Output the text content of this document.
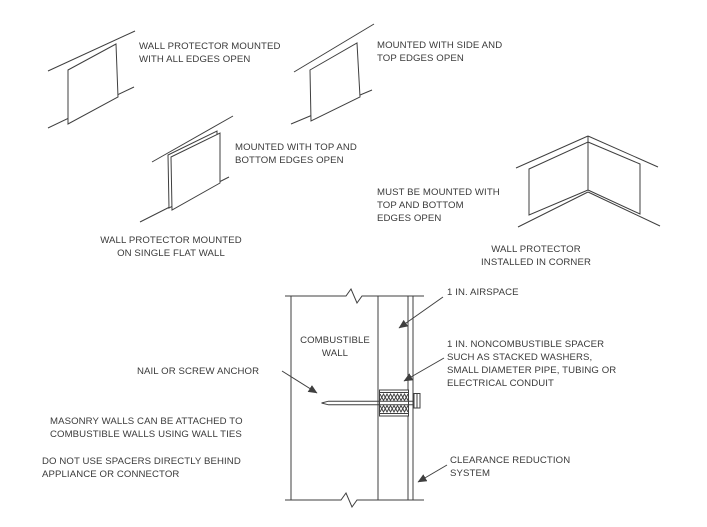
WALL PROTECTOR MOUNTED
WITH ALL EDGES OPEN
MOUNTED WITH SIDE AND
TOP EDGES OPEN
MOUNTED WITH TOP AND
BOTTOM EDGES OPEN
MUST BE MOUNTED WITH
TOP AND BOTTOM
EDGES OPEN
WALL PROTECTOR MOUNTED
ON SINGLE FLAT WALL	WALL PROTECTOR
INSTALLED IN CORNER
COMBUSTIBLE
WALL
1 IN. AIRSPACE
1 IN. NONCOMBUSTIBLE SPACER
SUCH AS STACKED WASHERS,
SMALL DIAMETER PIPE, TUBING OR
ELECTRICAL CONDUIT
NAIL OR SCREW ANCHOR
MASONRY WALLS CAN BE ATTACHED TO
COMBUSTIBLE WALLS USING WALL TIES
DO NOT USE SPACERS DIRECTLY BEHIND
APPLIANCE OR CONNECTOR
CLEARANCE REDUCTION
SYSTEM
